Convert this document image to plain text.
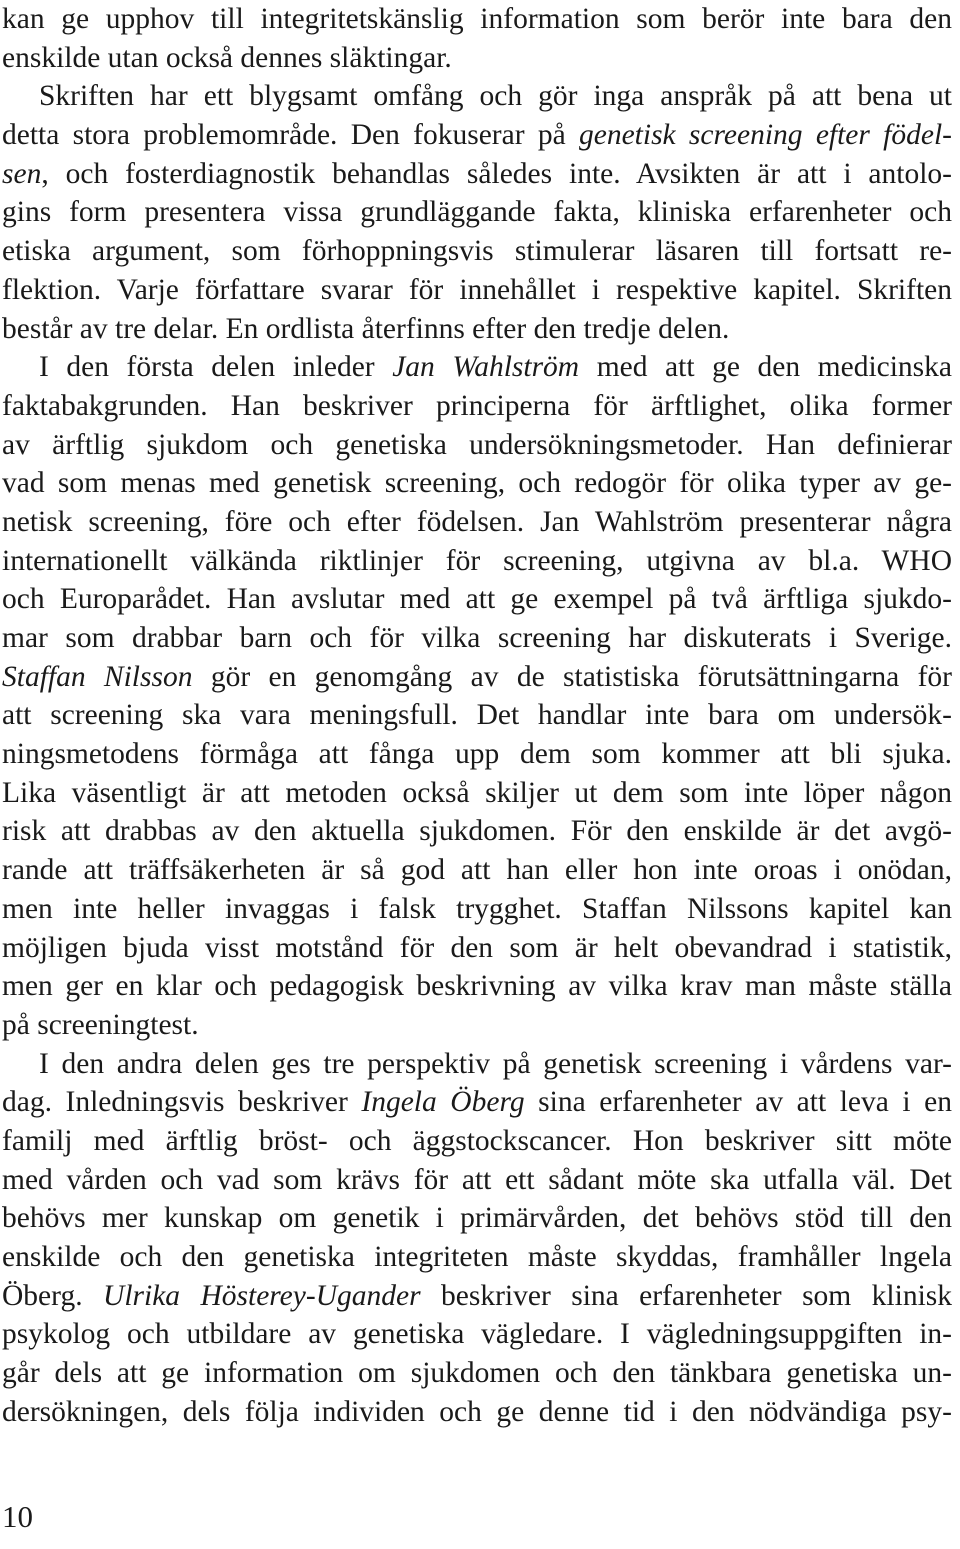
kan ge upphov till integritetskänslig information som berör inte bara den
enskilde utan också dennes släktingar.
Skriften har ett blygsamt omfång och gör inga anspråk på att bena ut
detta stora problemområde. Den fokuserar på genetisk screening efter födel-
sen, och fosterdiagnostik behandlas således inte. Avsikten är att i antolo-
gins form presentera vissa grundläggande fakta, kliniska erfarenheter och
etiska argument, som förhoppningsvis stimulerar läsaren till fortsatt re-
flektion. Varje författare svarar för innehållet i respektive kapitel. Skriften
består av tre delar. En ordlista återfinns efter den tredje delen.
I den första delen inleder Jan Wahlström med att ge den medicinska
faktabakgrunden. Han beskriver principerna för ärftlighet, olika former
av ärftlig sjukdom och genetiska undersökningsmetoder. Han definierar
vad som menas med genetisk screening, och redogör för olika typer av ge-
netisk screening, före och efter födelsen. Jan Wahlström presenterar några
internationellt välkända riktlinjer för screening, utgivna av bl.a. WHO
och Europarådet. Han avslutar med att ge exempel på två ärftliga sjukdo-
mar som drabbar barn och för vilka screening har diskuterats i Sverige.
Staffan Nilsson gör en genomgång av de statistiska förutsättningarna för
att screening ska vara meningsfull. Det handlar inte bara om undersök-
ningsmetodens förmåga att fånga upp dem som kommer att bli sjuka.
Lika väsentligt är att metoden också skiljer ut dem som inte löper någon
risk att drabbas av den aktuella sjukdomen. För den enskilde är det avgö-
rande att träffsäkerheten är så god att han eller hon inte oroas i onödan,
men inte heller invaggas i falsk trygghet. Staffan Nilssons kapitel kan
möjligen bjuda visst motstånd för den som är helt obevandrad i statistik,
men ger en klar och pedagogisk beskrivning av vilka krav man måste ställa
på screeningtest.
I den andra delen ges tre perspektiv på genetisk screening i vårdens var-
dag. Inledningsvis beskriver Ingela Öberg sina erfarenheter av att leva i en
familj med ärftlig bröst- och äggstockscancer. Hon beskriver sitt möte
med vården och vad som krävs för att ett sådant möte ska utfalla väl. Det
behövs mer kunskap om genetik i primärvården, det behövs stöd till den
enskilde och den genetiska integriteten måste skyddas, framhåller lngela
Öberg. Ulrika Hösterey-Ugander beskriver sina erfarenheter som klinisk
psykolog och utbildare av genetiska vägledare. I vägledningsuppgiften in-
går dels att ge information om sjukdomen och den tänkbara genetiska un-
dersökningen, dels följa individen och ge denne tid i den nödvändiga psy-
10
